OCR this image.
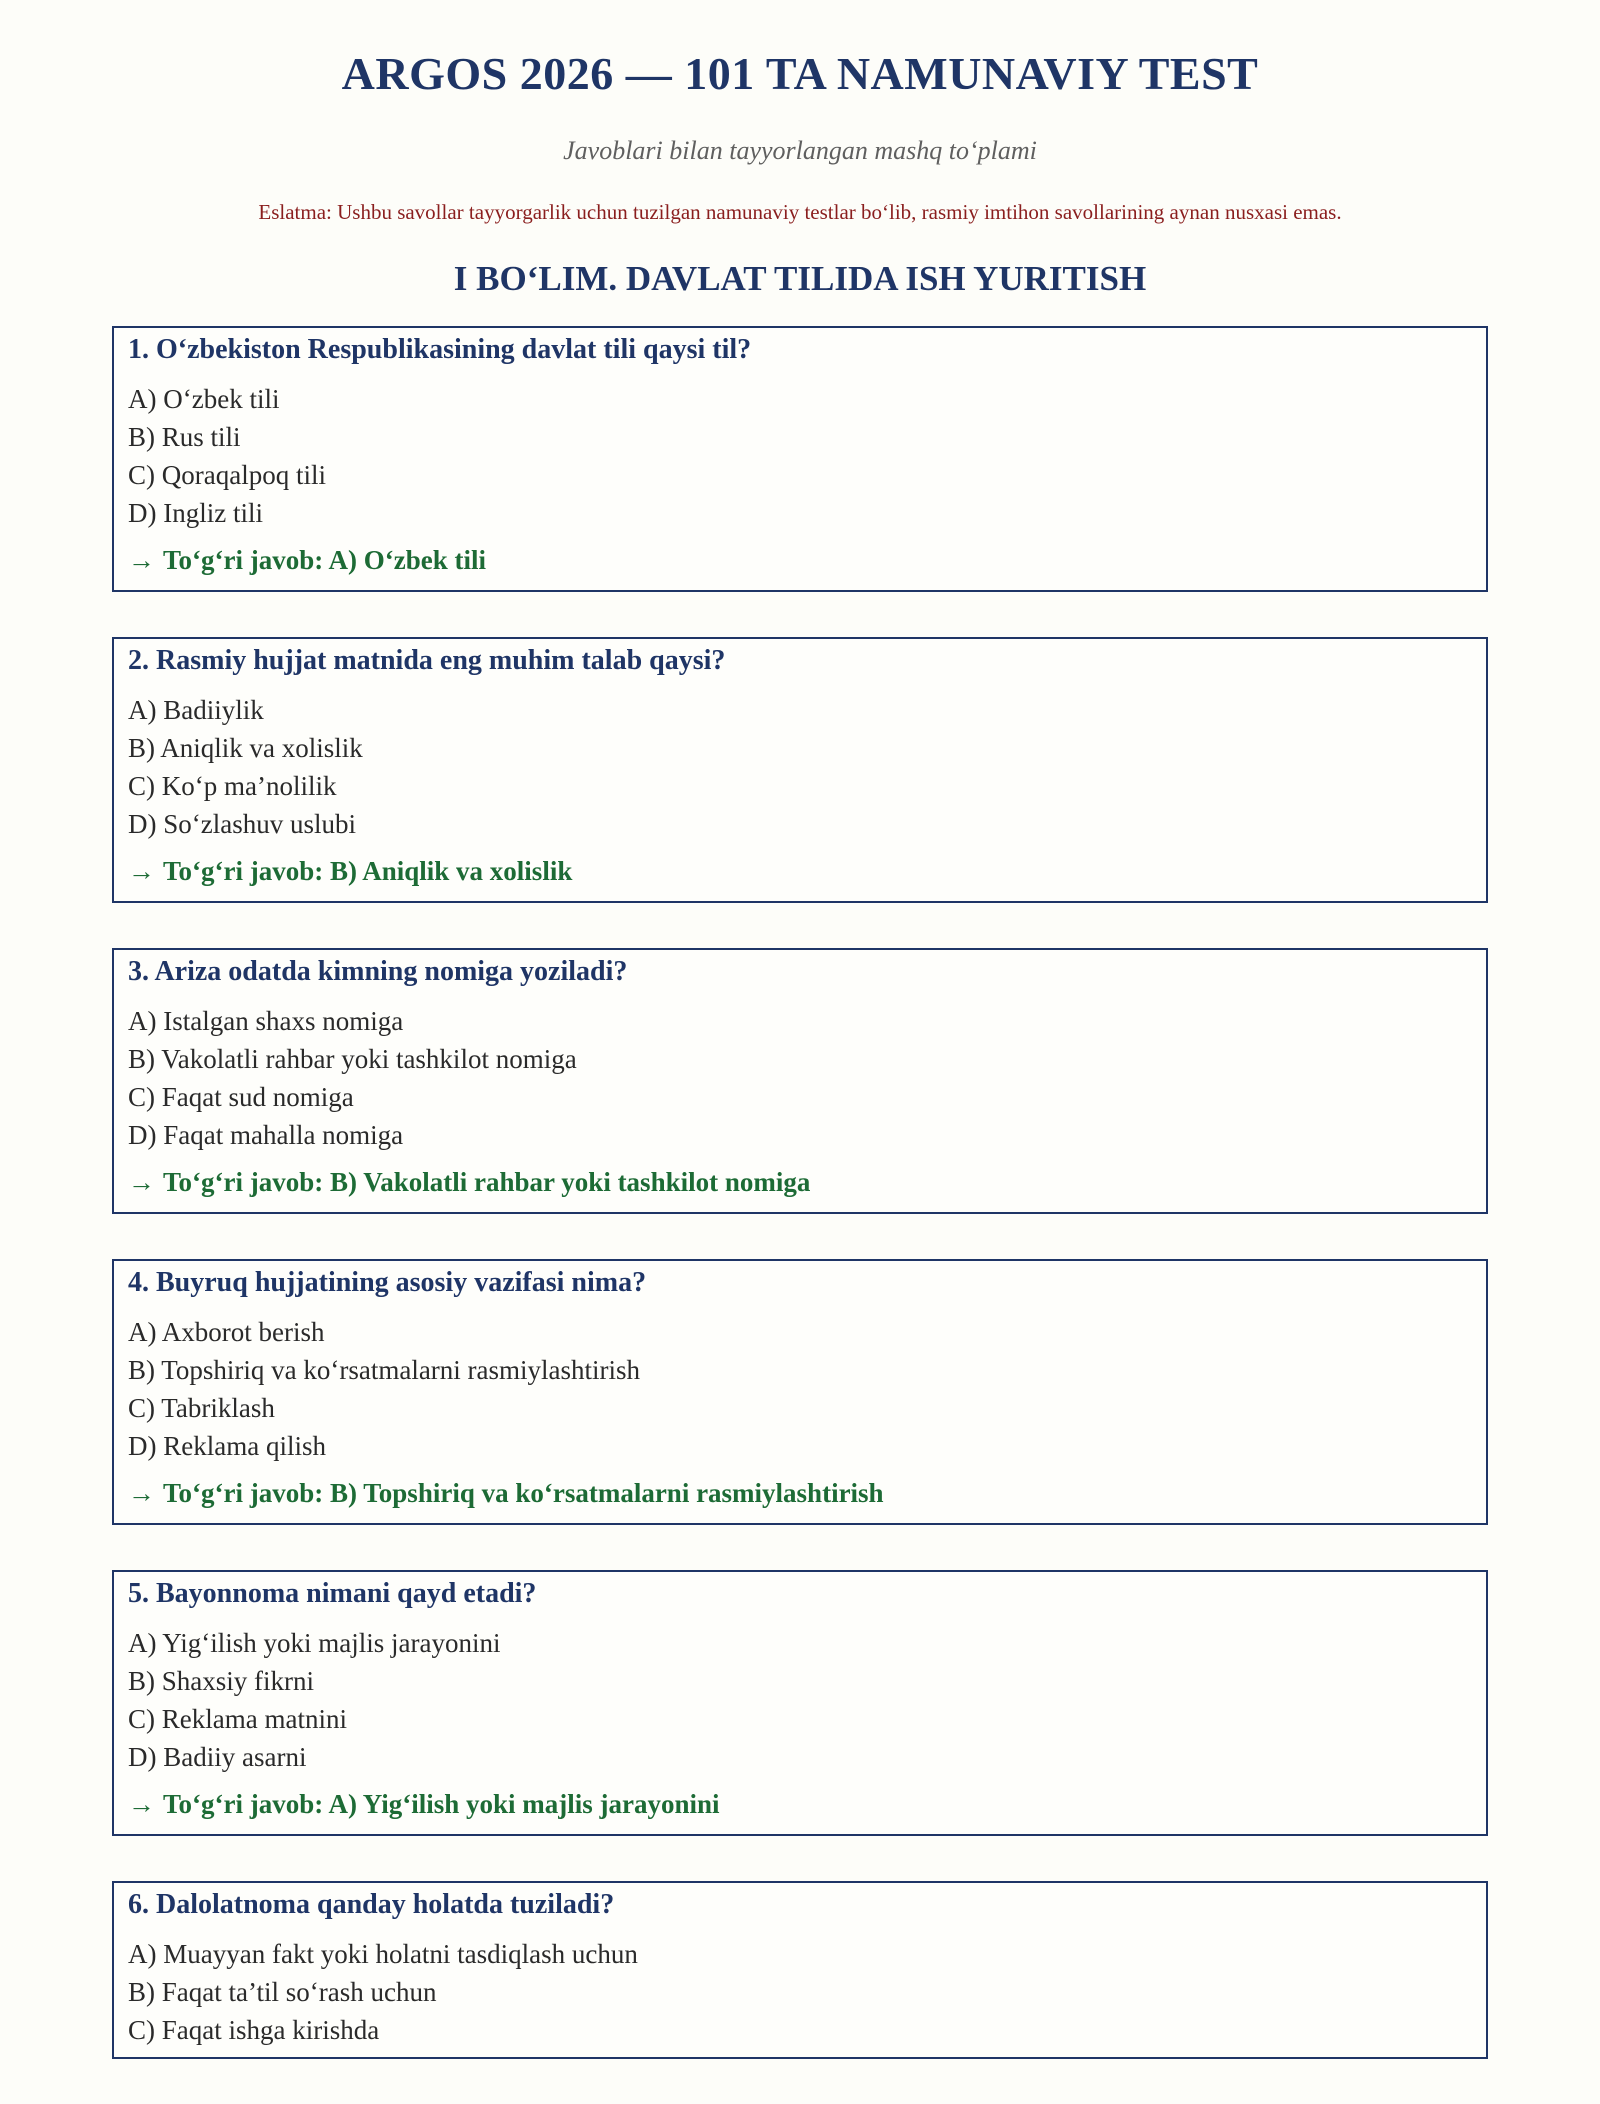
ARGOS 2026 — 101 TA NAMUNAVIY TEST
Javoblari bilan tayyorlangan mashq to‘plami
Eslatma: Ushbu savollar tayyorgarlik uchun tuzilgan namunaviy testlar bo‘lib, rasmiy imtihon savollarining aynan nusxasi emas.
I BO‘LIM. DAVLAT TILIDA ISH YURITISH
1. O‘zbekiston Respublikasining davlat tili qaysi til?
A) O‘zbek tili
B) Rus tili
C) Qoraqalpoq tili
D) Ingliz tili
→ To‘g‘ri javob: A) O‘zbek tili
2. Rasmiy hujjat matnida eng muhim talab qaysi?
A) Badiiylik
B) Aniqlik va xolislik
C) Ko‘p ma’nolilik
D) So‘zlashuv uslubi
→ To‘g‘ri javob: B) Aniqlik va xolislik
3. Ariza odatda kimning nomiga yoziladi?
A) Istalgan shaxs nomiga
B) Vakolatli rahbar yoki tashkilot nomiga
C) Faqat sud nomiga
D) Faqat mahalla nomiga
→ To‘g‘ri javob: B) Vakolatli rahbar yoki tashkilot nomiga
4. Buyruq hujjatining asosiy vazifasi nima?
A) Axborot berish
B) Topshiriq va ko‘rsatmalarni rasmiylashtirish
C) Tabriklash
D) Reklama qilish
→ To‘g‘ri javob: B) Topshiriq va ko‘rsatmalarni rasmiylashtirish
5. Bayonnoma nimani qayd etadi?
A) Yig‘ilish yoki majlis jarayonini
B) Shaxsiy fikrni
C) Reklama matnini
D) Badiiy asarni
→ To‘g‘ri javob: A) Yig‘ilish yoki majlis jarayonini
6. Dalolatnoma qanday holatda tuziladi?
A) Muayyan fakt yoki holatni tasdiqlash uchun
B) Faqat ta’til so‘rash uchun
C) Faqat ishga kirishda
